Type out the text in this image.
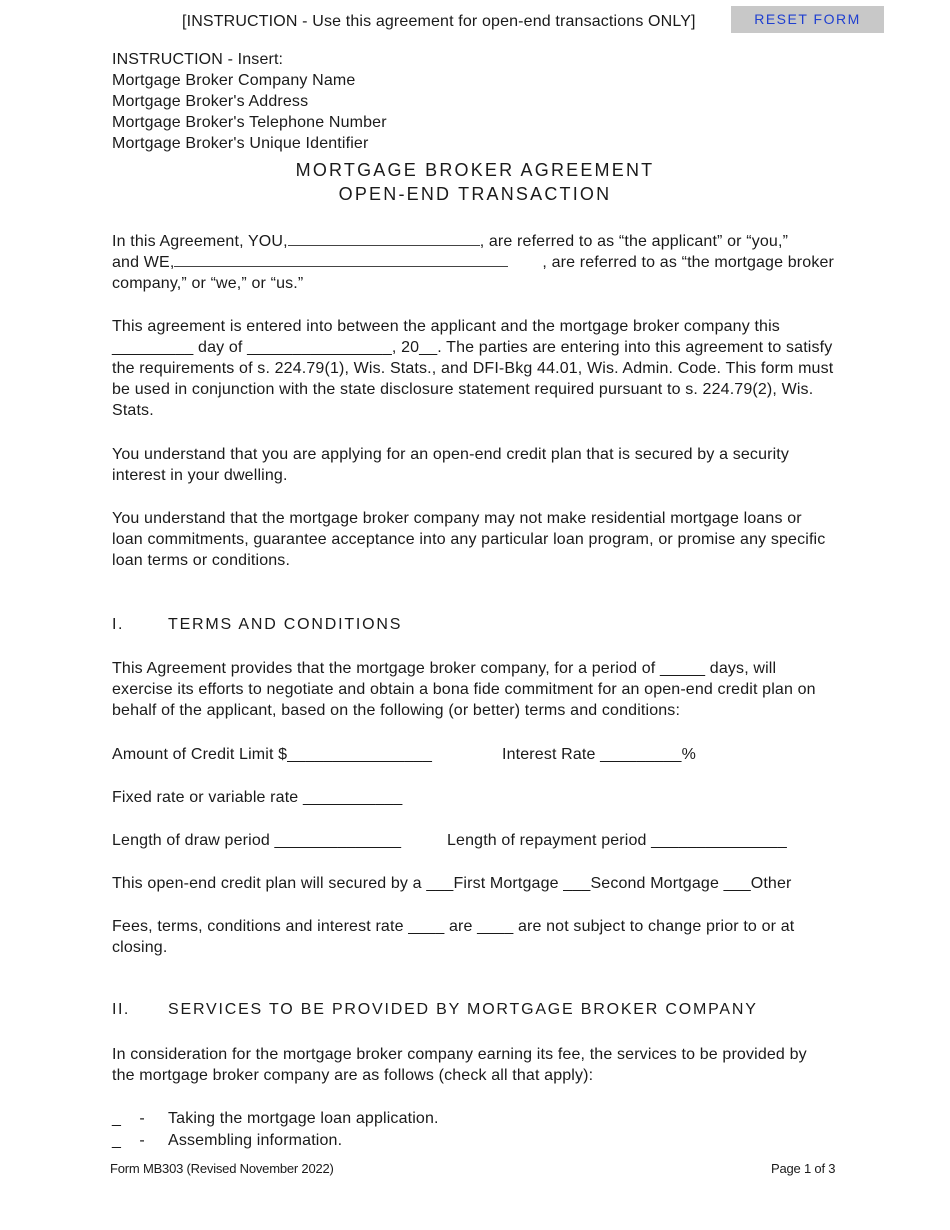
[INSTRUCTION - Use this agreement for open-end transactions ONLY]	RESET FORM
INSTRUCTION - Insert:
Mortgage Broker Company Name
Mortgage Broker's Address
Mortgage Broker's Telephone Number
Mortgage Broker's Unique Identifier
MORTGAGE BROKER AGREEMENT
OPEN-END TRANSACTION
In this Agreement, YOU,	, are referred to as “the applicant” or “you,”
and WE,	, are referred to as “the mortgage broker
company,” or “we,” or “us.”
This agreement is entered into between the applicant and the mortgage broker company this _________ day of ________________, 20__. The parties are entering into this agreement to satisfy the requirements of s. 224.79(1), Wis. Stats., and DFI-Bkg 44.01, Wis. Admin. Code. This form must be used in conjunction with the state disclosure statement required pursuant to s. 224.79(2), Wis. Stats.
You understand that you are applying for an open-end credit plan that is secured by a security interest in your dwelling.
You understand that the mortgage broker company may not make residential mortgage loans or loan commitments, guarantee acceptance into any particular loan program, or promise any specific loan terms or conditions.
I.	TERMS AND CONDITIONS
This Agreement provides that the mortgage broker company, for a period of _____ days, will exercise its efforts to negotiate and obtain a bona fide commitment for an open-end credit plan on behalf of the applicant, based on the following (or better) terms and conditions:
Amount of Credit Limit $________________	Interest Rate _________%
Fixed rate or variable rate ___________
Length of draw period ______________	Length of repayment period _______________
This open-end credit plan will secured by a ___First Mortgage ___Second Mortgage ___Other
Fees, terms, conditions and interest rate ____ are ____ are not subject to change prior to or at closing.
II. SERVICES TO BE PROVIDED BY MORTGAGE BROKER COMPANY
In consideration for the mortgage broker company earning its fee, the services to be provided by the mortgage broker company are as follows (check all that apply):
_    - Taking the mortgage loan application.
_    - Assembling information.
Form MB303 (Revised November 2022)	Page 1 of 3
